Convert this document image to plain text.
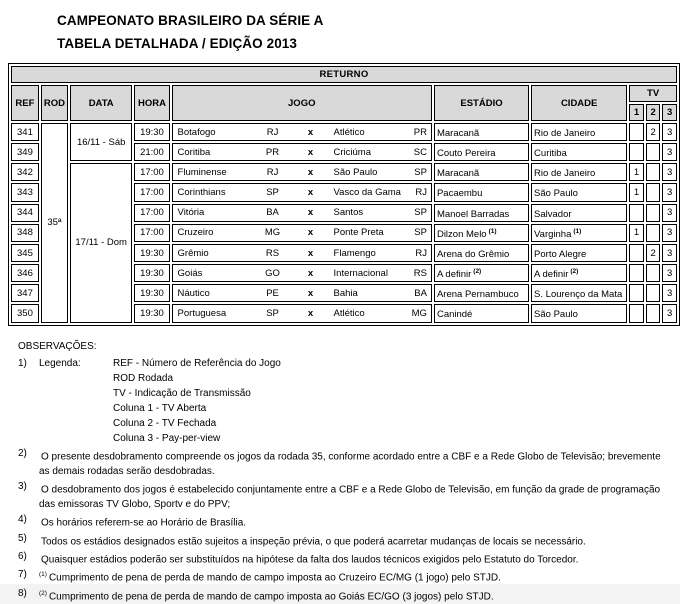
CAMPEONATO BRASILEIRO DA SÉRIE A
TABELA DETALHADA / EDIÇÃO 2013
RETURNO									
REF	ROD	DATA	HORA	JOGO	ESTÁDIO	CIDADE	TV		
							1	2	3
341	35ª	16/11 - Sáb	19:30	Botafogo RJ x Atlético PR	Maracanã	Rio de Janeiro		2	3
349			21:00	Coritiba PR x Criciúma SC	Couto Pereira	Curitiba			3
342		17/11 - Dom	17:00	Fluminense RJ x São Paulo SP	Maracanã	Rio de Janeiro	1		3
343			17:00	Corinthians SP x Vasco da Gama RJ	Pacaembu	São Paulo	1		3
344			17:00	Vitória BA x Santos SP	Manoel Barradas	Salvador			3
348			17:00	Cruzeiro MG x Ponte Preta SP	Dilzon Melo $^{(1)}$	Varginha $^{(1)}$	1		3
345			19:30	Grêmio RS x Flamengo RJ	Arena do Grêmio	Porto Alegre		2	3
346			19:30	Goiás GO x Internacional RS	A definir $^{(2)}$	A definir $^{(2)}$			3
347			19:30	Náutico PE x Bahia BA	Arena Pernambuco	S. Lourenço da Mata			3
350			19:30	Portuguesa SP x Atlético MG	Canindé	São Paulo			3
OBSERVAÇÕES:
1)	Legenda:	REF - Número de Referência do Jogo
ROD Rodada
TV - Indicação de Transmissão
Coluna 1 - TV Aberta
Coluna 2 - TV Fechada
Coluna 3 - Pay-per-view
2)	O presente desdobramento compreende os jogos da rodada 35, conforme acordado entre a CBF e a Rede Globo de Televisão; brevemente as demais rodadas serão desdobradas.
3)	O desdobramento dos jogos é estabelecido conjuntamente entre a CBF e a Rede Globo de Televisão, em função da grade de programação das emissoras TV Globo, Sportv e do PPV;
4)	Os horários referem-se ao Horário de Brasília.
5)	Todos os estádios designados estão sujeitos a inspeção prévia, o que poderá acarretar mudanças de locais se necessário.
6)	Quaisquer estádios poderão ser substituídos na hipótese da falta dos laudos técnicos exigidos pelo Estatuto do Torcedor.
7)	$^{(1)}$ Cumprimento de pena de perda de mando de campo imposta ao Cruzeiro EC/MG (1 jogo) pelo STJD.
8)	$^{(2)}$ Cumprimento de pena de perda de mando de campo imposta ao Goiás EC/GO (3 jogos) pelo STJD.
